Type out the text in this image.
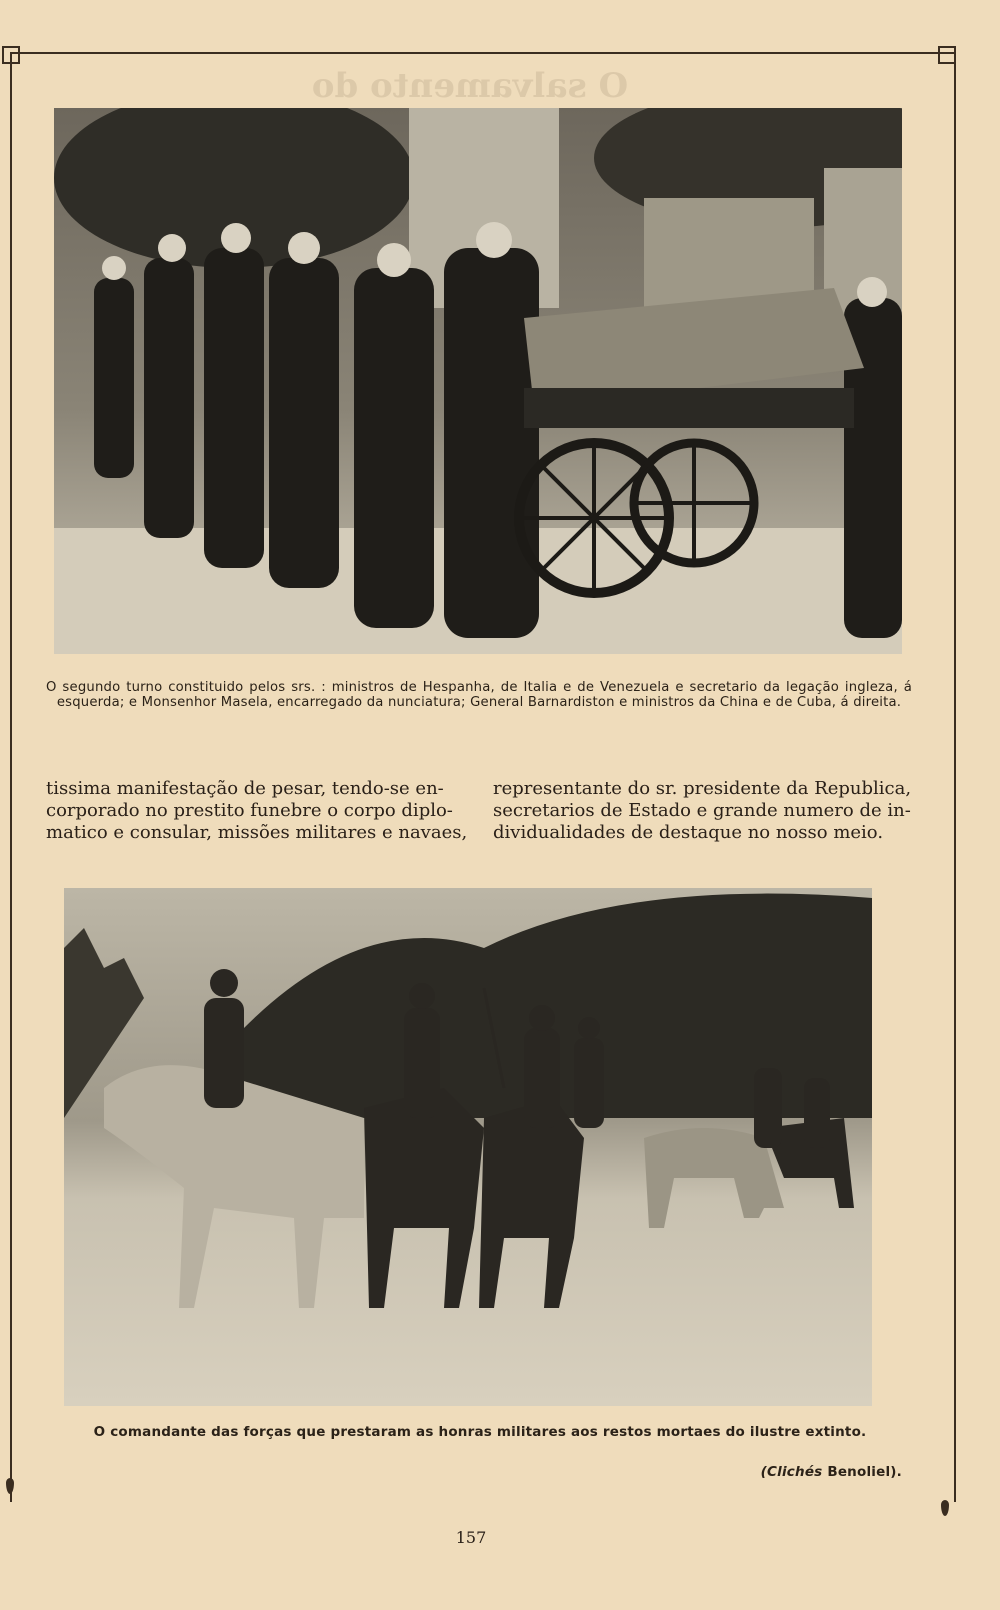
O salvamento do
O segundo turno constituido pelos srs. : ministros de Hespanha, de Italia e de Venezuela e secretario da legação ingleza, á esquerda; e Monsenhor Masela, encarregado da nunciatura; General Barnardiston e ministros da China e de Cuba, á direita.
tissima manifestação de pesar, tendo-se en-
corporado no prestito funebre o corpo diplo-
matico e consular, missões militares e navaes,
representante do sr. presidente da Republica,
secretarios de Estado e grande numero de in-
dividualidades de destaque no nosso meio.
O comandante das forças que prestaram as honras militares aos restos mortaes do ilustre extinto.
(Clichés Benoliel).
157
